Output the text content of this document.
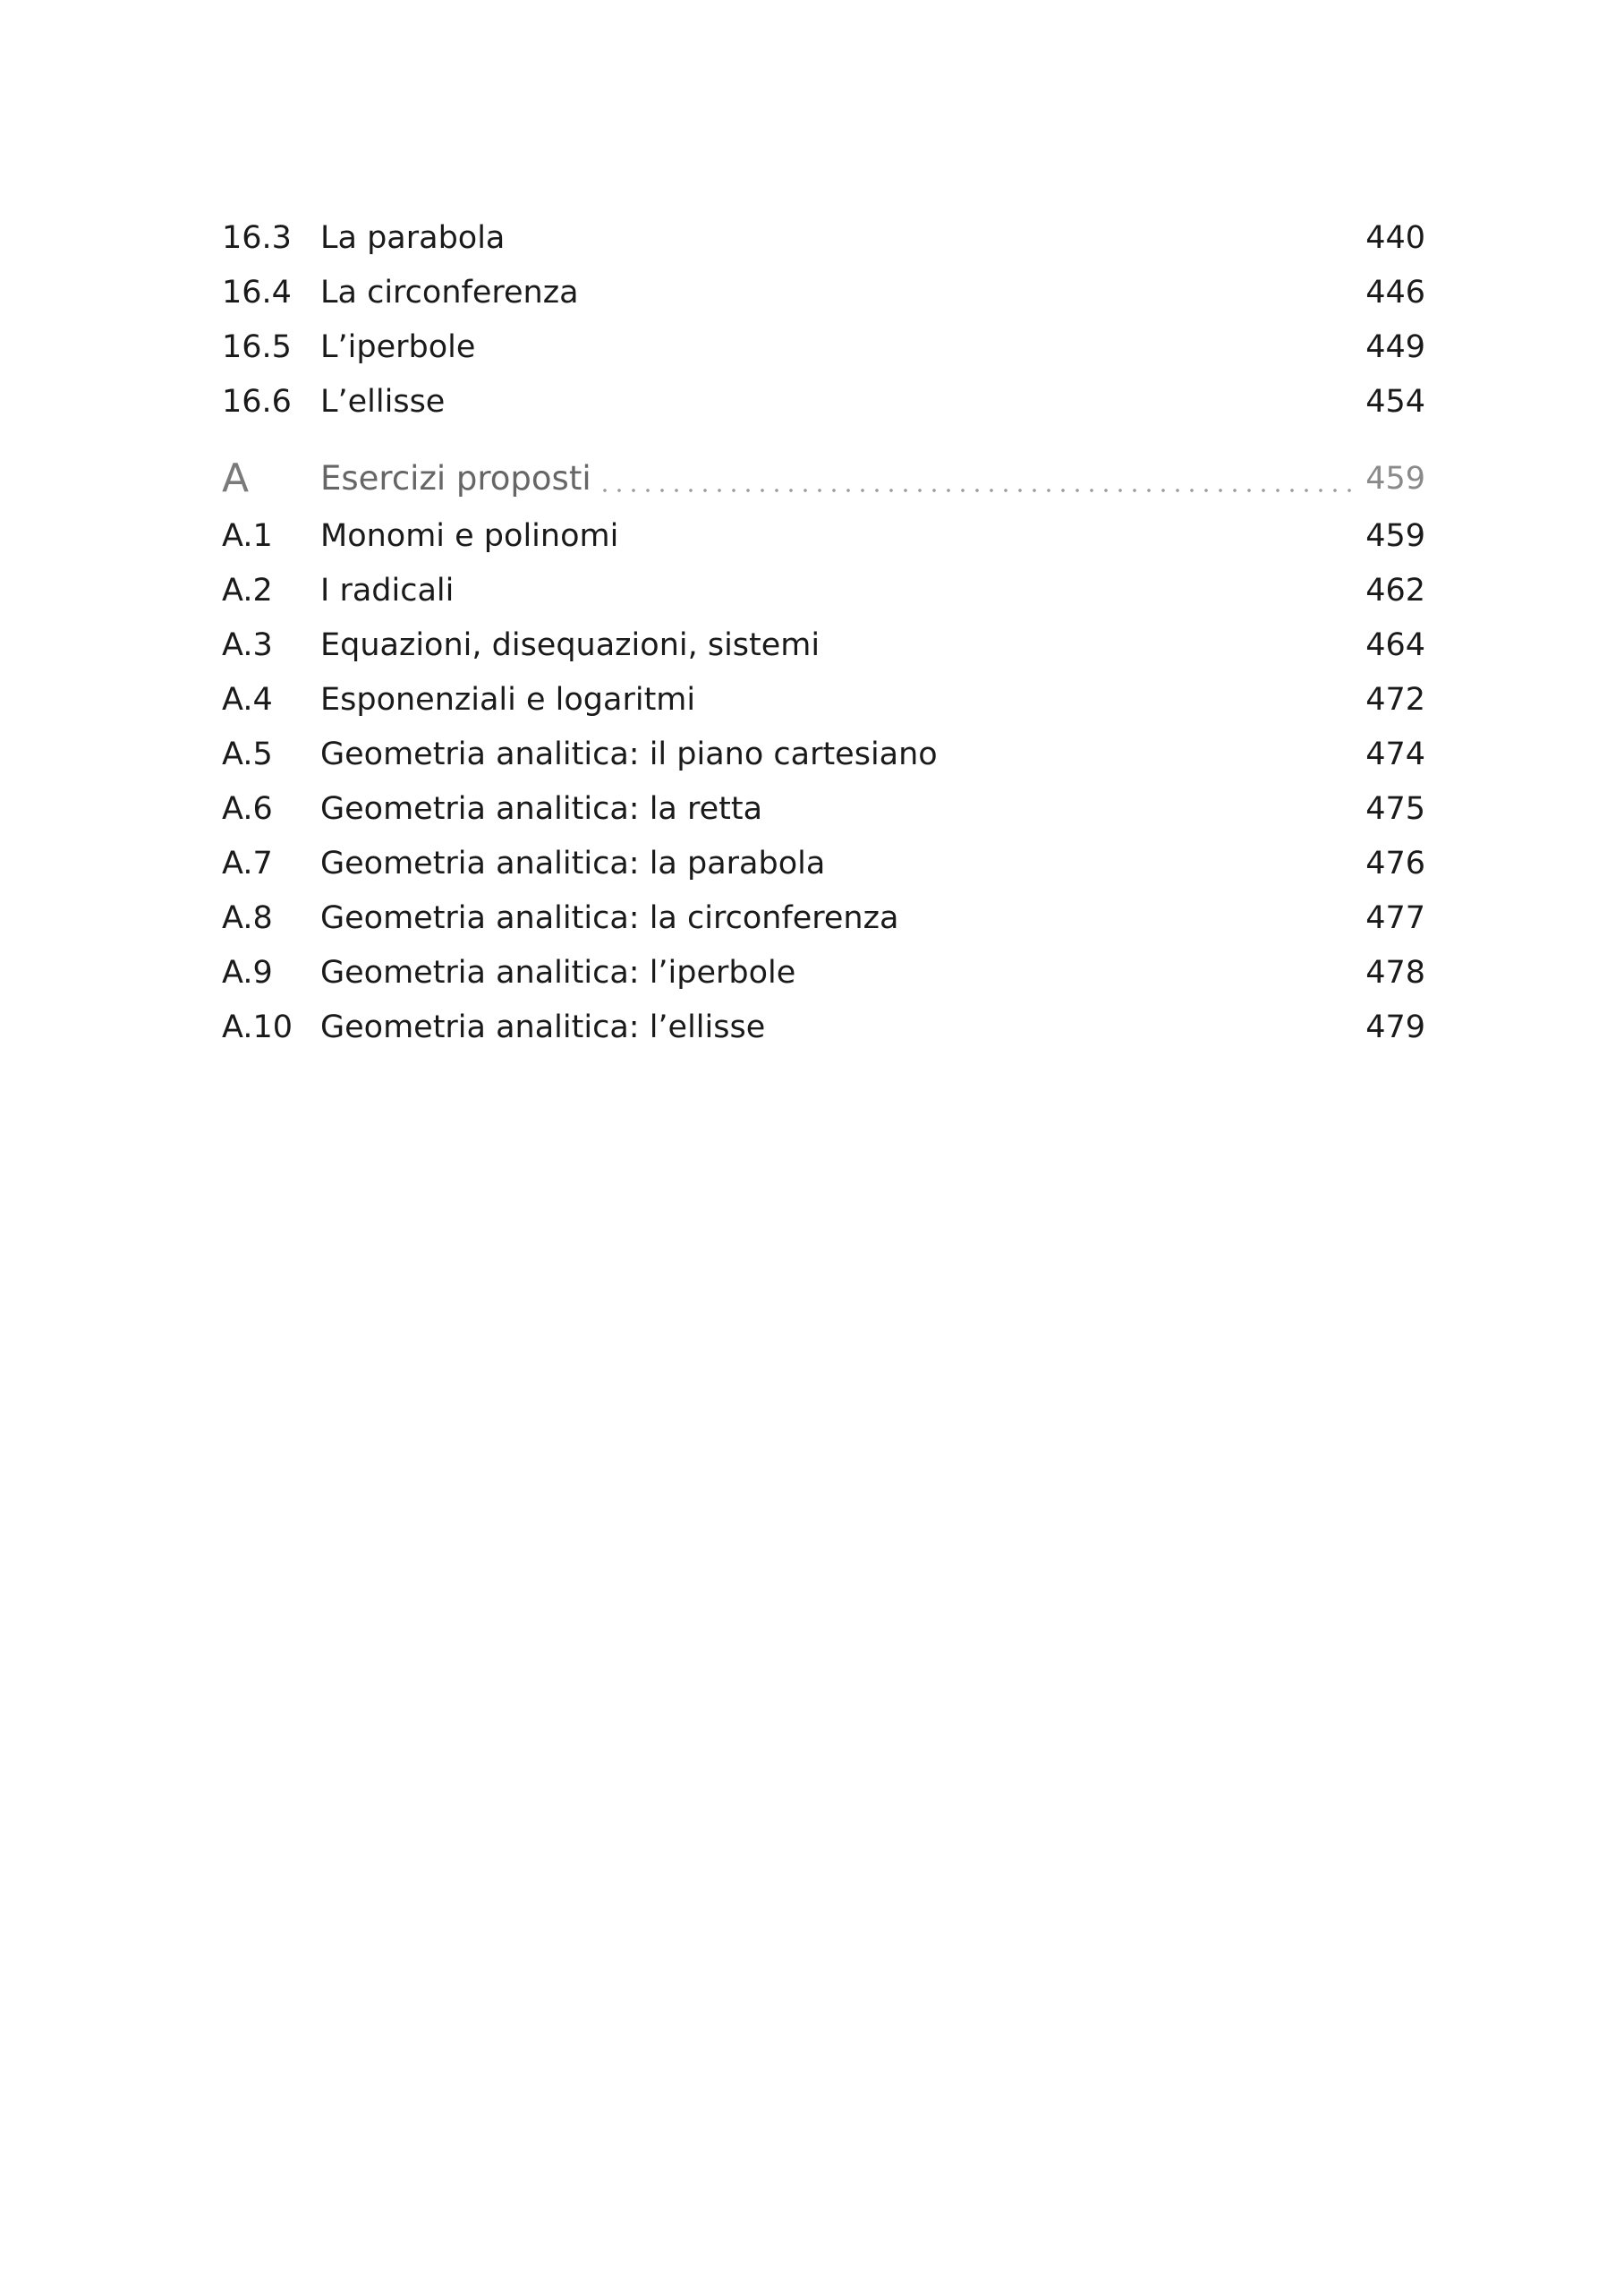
16.3 La parabola	440
16.4 La circonferenza	446
16.5 L’iperbole	449
16.6 L’ellisse	454
A Esercizi proposti	459
A.1 Monomi e polinomi	459
A.2 I radicali	462
A.3 Equazioni, disequazioni, sistemi	464
A.4 Esponenziali e logaritmi	472
A.5 Geometria analitica: il piano cartesiano	474
A.6 Geometria analitica: la retta	475
A.7 Geometria analitica: la parabola	476
A.8 Geometria analitica: la circonferenza	477
A.9 Geometria analitica: l’iperbole	478
A.10 Geometria analitica: l’ellisse	479
